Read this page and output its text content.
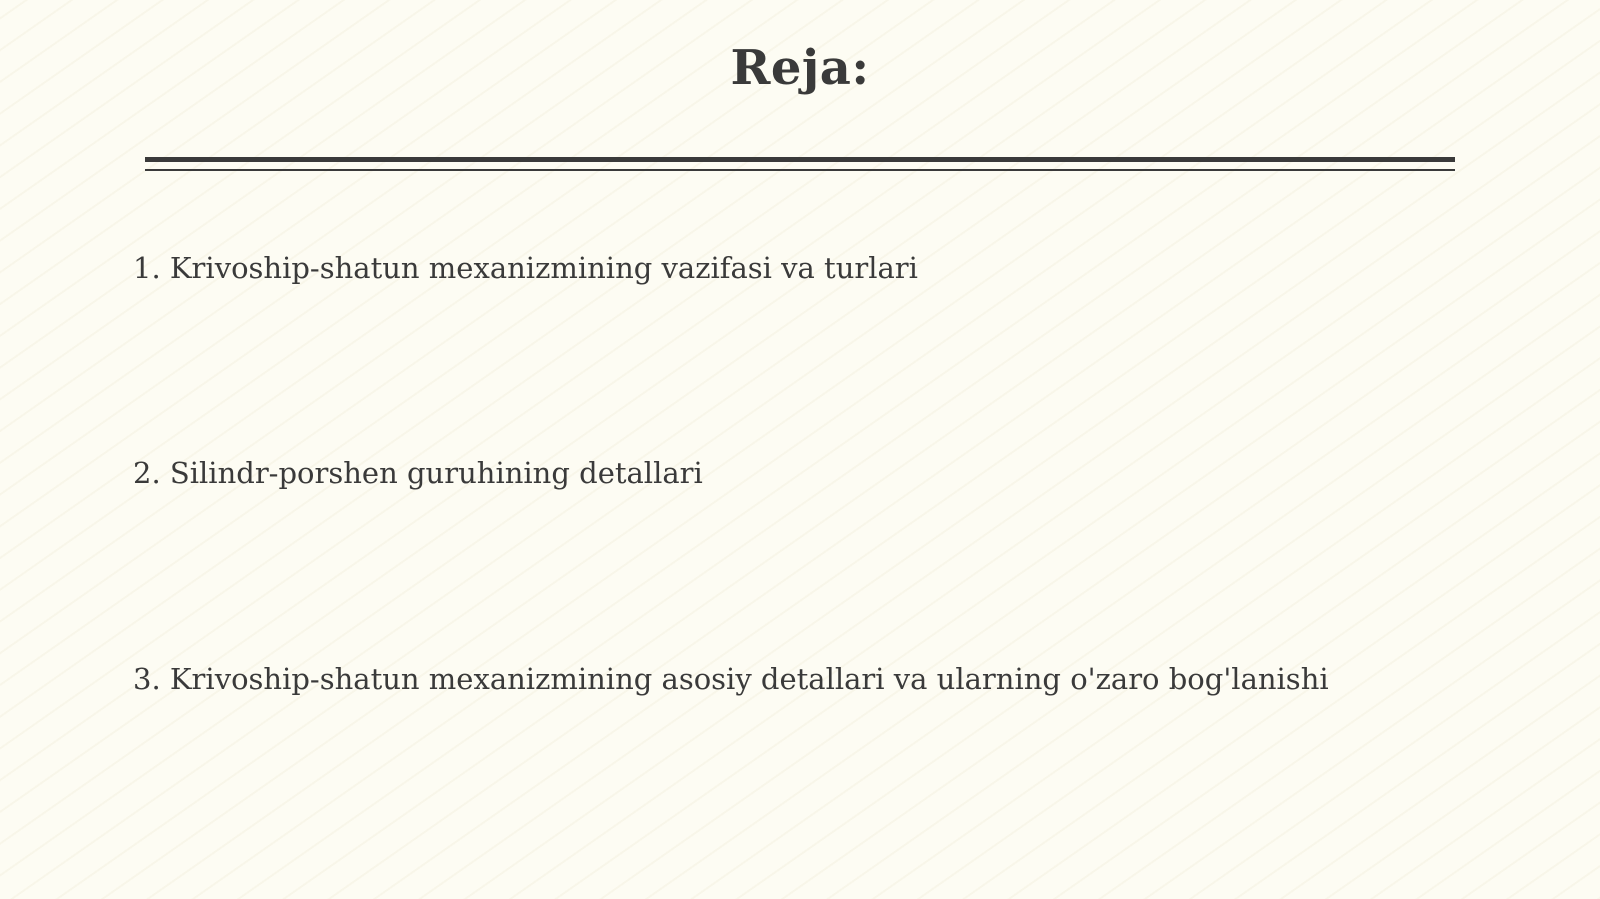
Reja:
1. Krivoship-shatun mexanizmining vazifasi va turlari
2. Silindr-porshen guruhining detallari
3. Krivoship-shatun mexanizmining asosiy detallari va ularning o'zaro bog'lanishi
